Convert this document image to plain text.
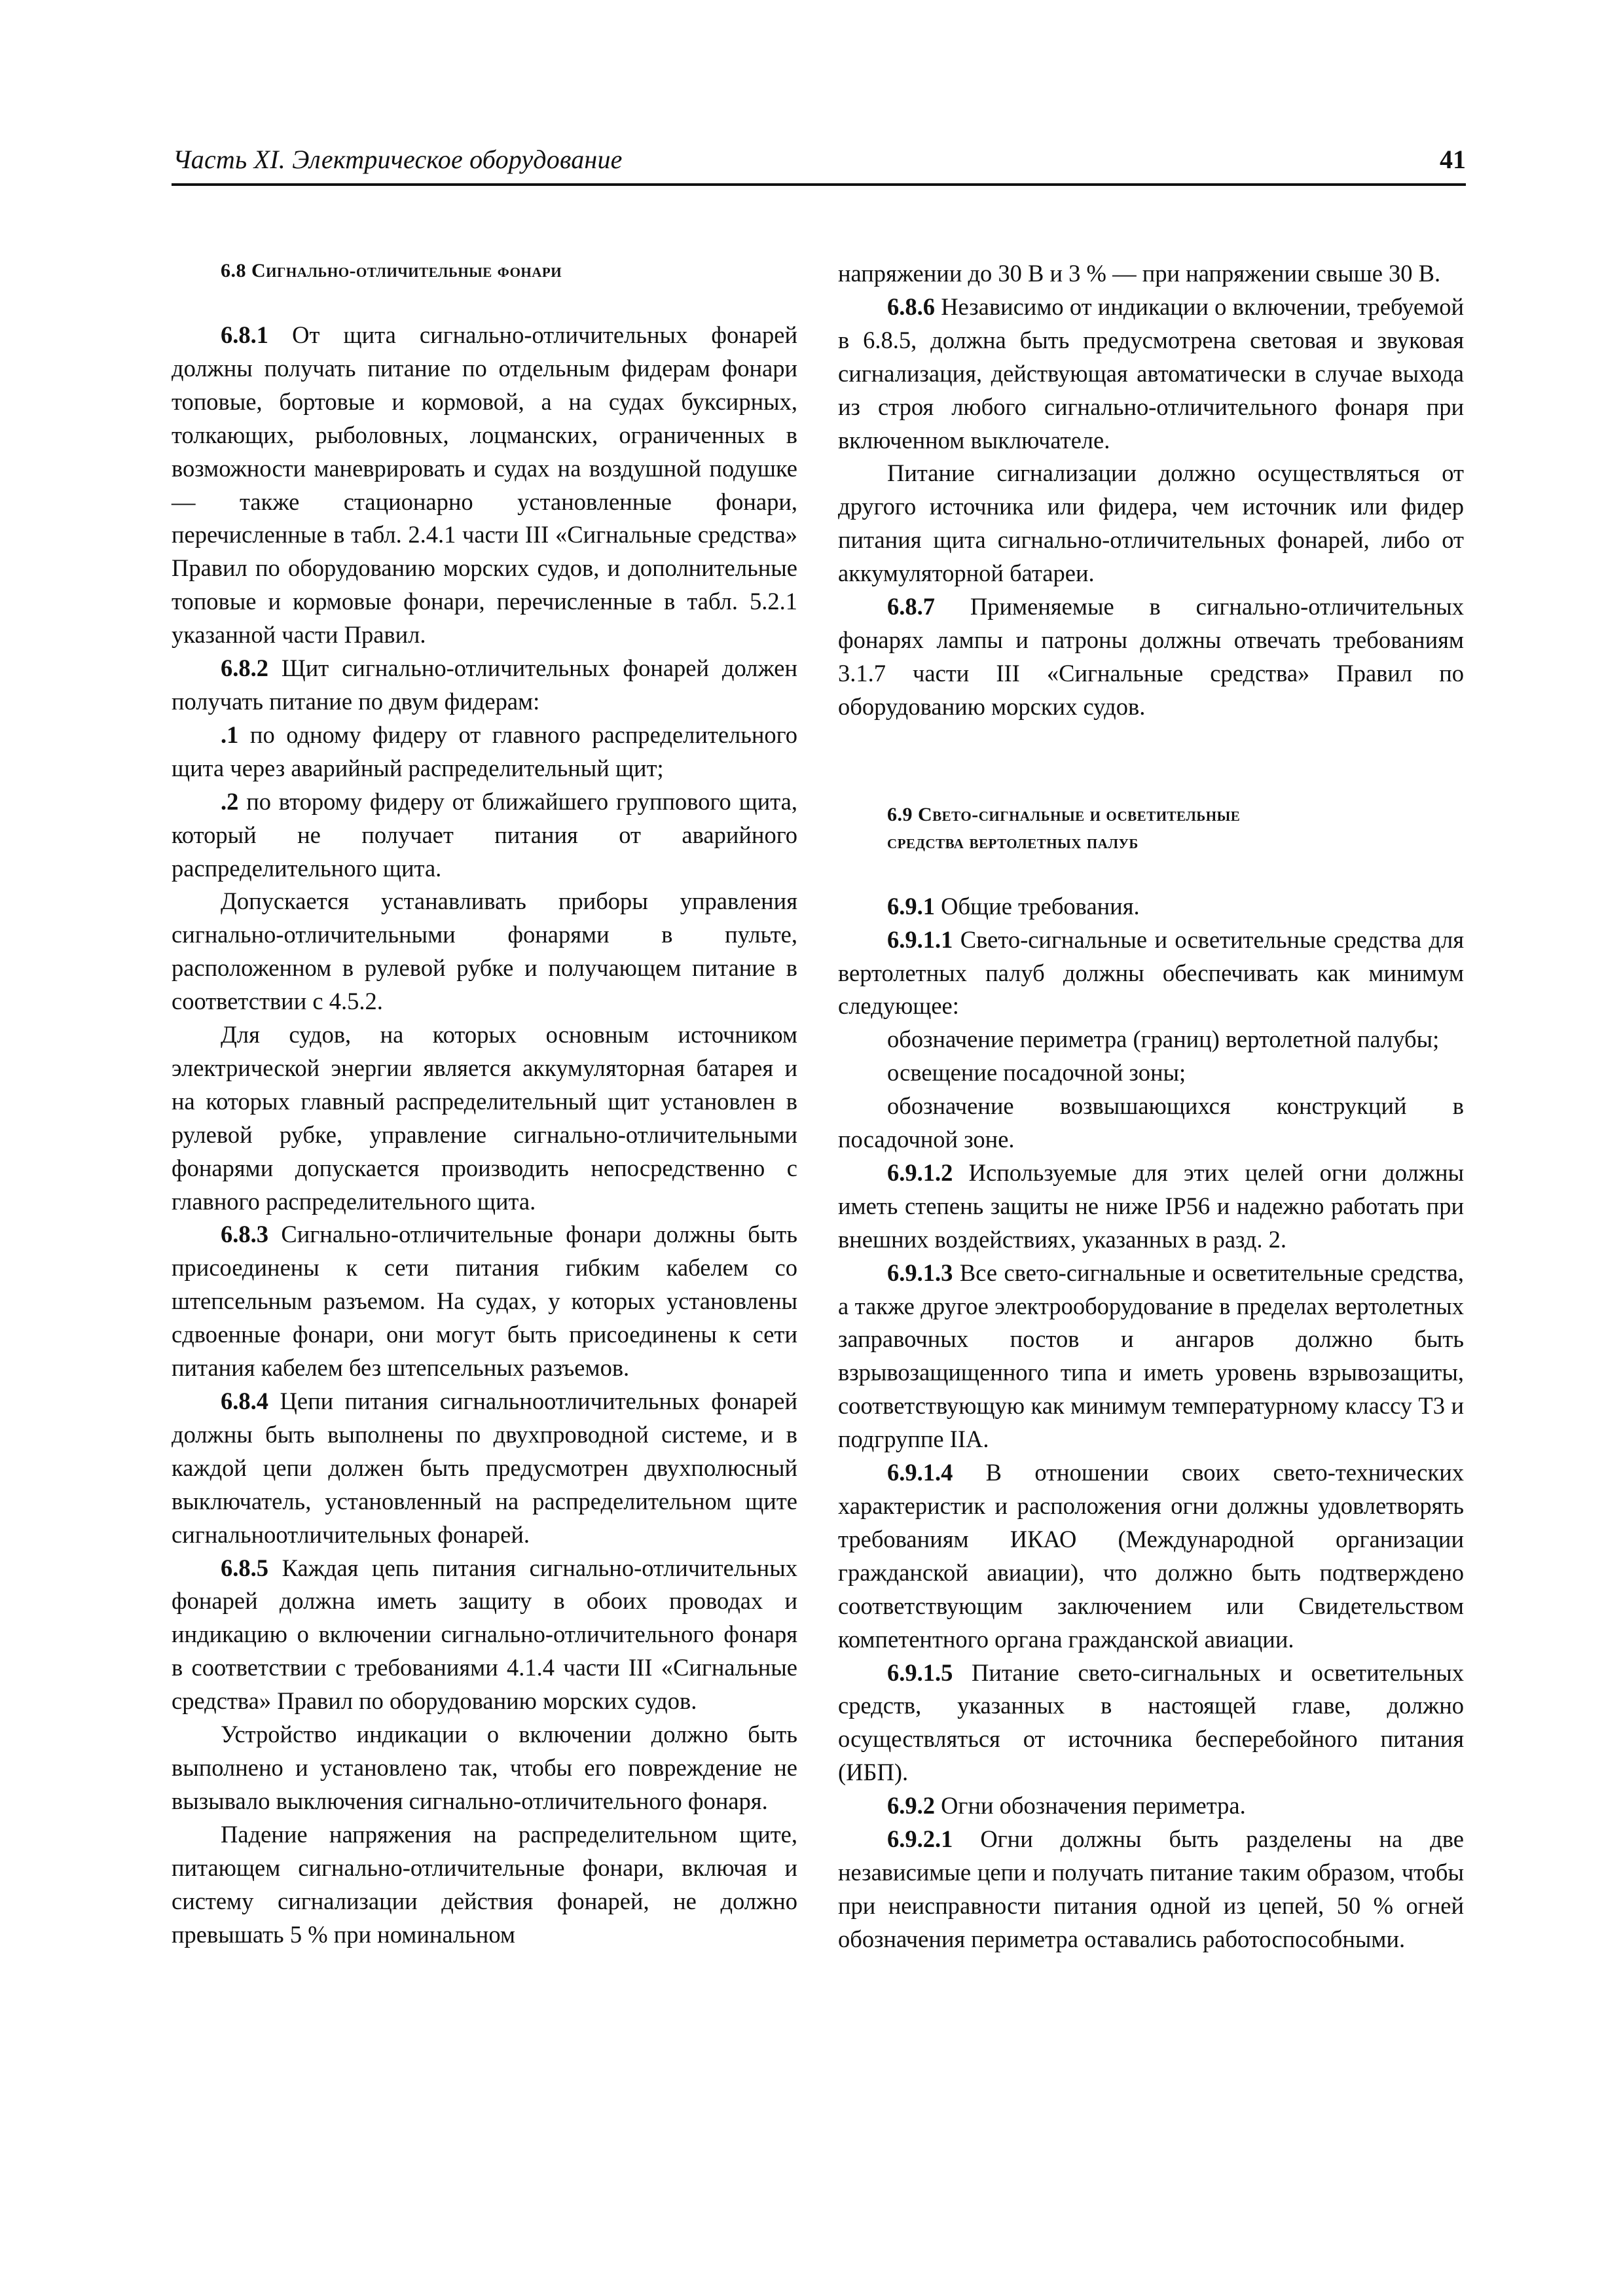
Часть XI. Электрическое оборудование	41

6.8 Сигнально-отличительные фонари

6.8.1 От щита сигнально-отличительных фонарей должны получать питание по отдельным фидерам фонари топовые, бортовые и кормовой, а на судах буксирных, толкающих, рыболовных, лоцманских, ограниченных в возможности маневрировать и судах на воздушной подушке — также стационарно установленные фонари, перечисленные в табл. 2.4.1 части III «Сигнальные средства» Правил по оборудованию морских судов, и дополнительные топовые и кормовые фонари, перечисленные в табл. 5.2.1 указанной части Правил.

6.8.2 Щит сигнально-отличительных фонарей должен получать питание по двум фидерам:

.1 по одному фидеру от главного распределительного щита через аварийный распределительный щит;

.2 по второму фидеру от ближайшего группового щита, который не получает питания от аварийного распределительного щита.

Допускается устанавливать приборы управления сигнально-отличительными фонарями в пульте, расположенном в рулевой рубке и получающем питание в соответствии с 4.5.2.

Для судов, на которых основным источником электрической энергии является аккумуляторная батарея и на которых главный распределительный щит установлен в рулевой рубке, управление сигнально-отличительными фонарями допускается производить непосредственно с главного распределительного щита.

6.8.3 Сигнально-отличительные фонари должны быть присоединены к сети питания гибким кабелем со штепсельным разъемом. На судах, у которых установлены сдвоенные фонари, они могут быть присоединены к сети питания кабелем без штепсельных разъемов.

6.8.4 Цепи питания сигнальноотличительных фонарей должны быть выполнены по двухпроводной системе, и в каждой цепи должен быть предусмотрен двухполюсный выключатель, установленный на распределительном щите сигнальноотличительных фонарей.

6.8.5 Каждая цепь питания сигнально-отличительных фонарей должна иметь защиту в обоих проводах и индикацию о включении сигнально-отличительного фонаря в соответствии с требованиями 4.1.4 части III «Сигнальные средства» Правил по оборудованию морских судов.

Устройство индикации о включении должно быть выполнено и установлено так, чтобы его повреждение не вызывало выключения сигнально-отличительного фонаря.

Падение напряжения на распределительном щите, питающем сигнально-отличительные фонари, включая и систему сигнализации действия фонарей, не должно превышать 5 % при номинальном

напряжении до 30 В и 3 % — при напряжении свыше 30 В.

6.8.6 Независимо от индикации о включении, требуемой в 6.8.5, должна быть предусмотрена световая и звуковая сигнализация, действующая автоматически в случае выхода из строя любого сигнально-отличительного фонаря при включенном выключателе.

Питание сигнализации должно осуществляться от другого источника или фидера, чем источник или фидер питания щита сигнально-отличительных фонарей, либо от аккумуляторной батареи.

6.8.7 Применяемые в сигнально-отличительных фонарях лампы и патроны должны отвечать требованиям 3.1.7 части III «Сигнальные средства» Правил по оборудованию морских судов.

6.9 Свето-сигнальные и осветительные

средства вертолетных палуб

6.9.1 Общие требования.

6.9.1.1 Свето-сигнальные и осветительные средства для вертолетных палуб должны обеспечивать как минимум следующее:

обозначение периметра (границ) вертолетной палубы;

освещение посадочной зоны;

обозначение возвышающихся конструкций в посадочной зоне.

6.9.1.2 Используемые для этих целей огни должны иметь степень защиты не ниже IP56 и надежно работать при внешних воздействиях, указанных в разд. 2.

6.9.1.3 Все свето-сигнальные и осветительные средства, а также другое электрооборудование в пределах вертолетных заправочных постов и ангаров должно быть взрывозащищенного типа и иметь уровень взрывозащиты, соответствующую как минимум температурному классу Т3 и подгруппе IIA.

6.9.1.4 В отношении своих свето-технических характеристик и расположения огни должны удовлетворять требованиям ИКАО (Международной организации гражданской авиации), что должно быть подтверждено соответствующим заключением или Свидетельством компетентного органа гражданской авиации.

6.9.1.5 Питание свето-сигнальных и осветительных средств, указанных в настоящей главе, должно осуществляться от источника бесперебойного питания (ИБП).

6.9.2 Огни обозначения периметра.

6.9.2.1 Огни должны быть разделены на две независимые цепи и получать питание таким образом, чтобы при неисправности питания одной из цепей, 50 % огней обозначения периметра оставались работоспособными.
